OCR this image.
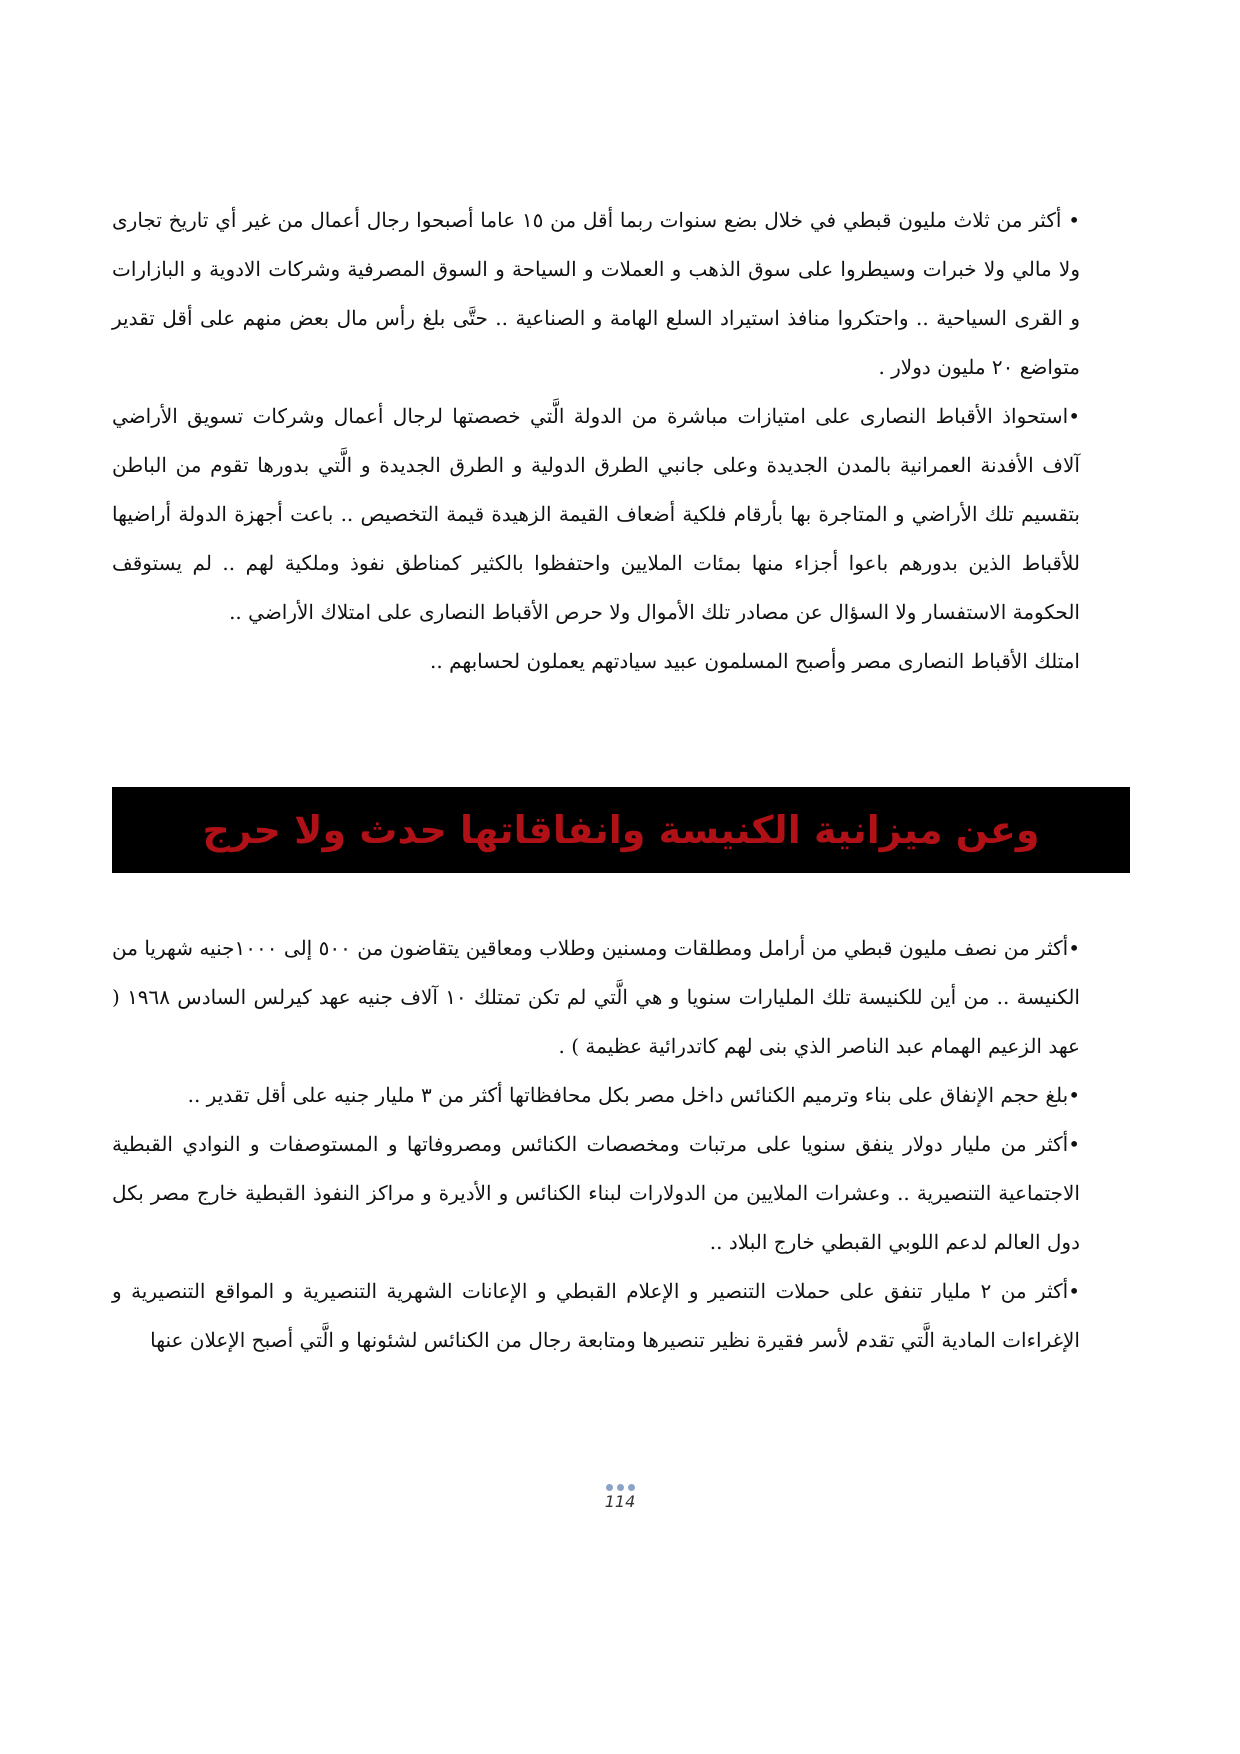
• أكثر من ثلاث مليون قبطي في خلال بضع سنوات ربما أقل من ١٥ عاما أصبحوا رجال أعمال من غير أي تاريخ تجارى ولا مالي ولا خبرات وسيطروا على سوق الذهب و العملات و السياحة و السوق المصرفية وشركات الادوية و البازارات و القرى السياحية .. واحتكروا منافذ استيراد السلع الهامة و الصناعية .. حتَّى بلغ رأس مال بعض منهم على أقل تقدير متواضع ٢٠ مليون دولار .

•استحواذ الأقباط النصارى على امتيازات مباشرة من الدولة الَّتي خصصتها لرجال أعمال وشركات تسويق الأراضي آلاف الأفدنة العمرانية بالمدن الجديدة وعلى جانبي الطرق الدولية و الطرق الجديدة و الَّتي بدورها تقوم من الباطن بتقسيم تلك الأراضي و المتاجرة بها بأرقام فلكية أضعاف القيمة الزهيدة قيمة التخصيص .. باعت أجهزة الدولة أراضيها للأقباط الذين بدورهم باعوا أجزاء منها بمئات الملايين واحتفظوا بالكثير كمناطق نفوذ وملكية لهم .. لم يستوقف الحكومة الاستفسار ولا السؤال عن مصادر تلك الأموال ولا حرص الأقباط النصارى على امتلاك الأراضي ..

امتلك الأقباط النصارى مصر وأصبح المسلمون عبيد سيادتهم يعملون لحسابهم ..

وعن ميزانية الكنيسة وانفاقاتها حدث ولا حرج

•أكثر من نصف مليون قبطي من أرامل ومطلقات ومسنين وطلاب ومعاقين يتقاضون من ٥٠٠ إلى ١٠٠٠جنيه شهريا من الكنيسة .. من أين للكنيسة تلك المليارات سنويا و هي الَّتي لم تكن تمتلك ١٠ آلاف جنيه عهد كيرلس السادس ١٩٦٨ ( عهد الزعيم الهمام عبد الناصر الذي بنى لهم كاتدرائية عظيمة ) .

•بلغ حجم الإنفاق على بناء وترميم الكنائس داخل مصر بكل محافظاتها أكثر من ٣ مليار جنيه على أقل تقدير ..

•أكثر من مليار دولار ينفق سنويا على مرتبات ومخصصات الكنائس ومصروفاتها و المستوصفات و النوادي القبطية الاجتماعية التنصيرية .. وعشرات الملايين من الدولارات لبناء الكنائس و الأديرة و مراكز النفوذ القبطية خارج مصر بكل دول العالم لدعم اللوبي القبطي خارج البلاد ..

•أكثر من ٢ مليار تنفق على حملات التنصير و الإعلام القبطي و الإعانات الشهرية التنصيرية و المواقع التنصيرية و الإغراءات المادية الَّتي تقدم لأسر فقيرة نظير تنصيرها ومتابعة رجال من الكنائس لشئونها و الَّتي أصبح الإعلان عنها

114
